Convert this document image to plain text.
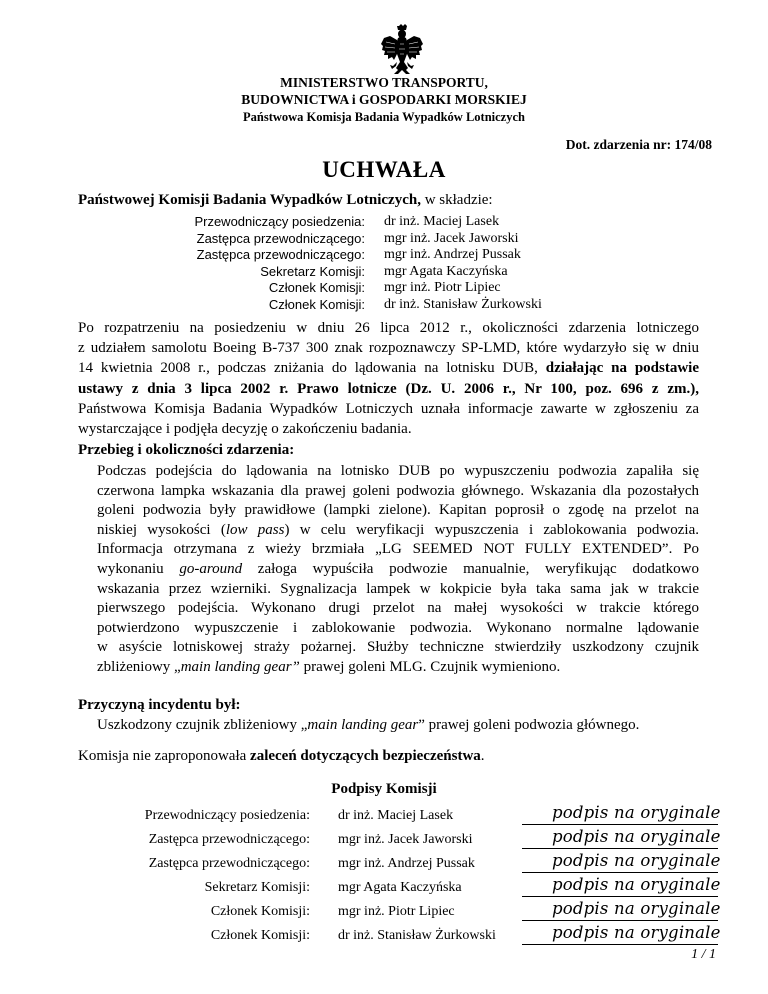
MINISTERSTWO TRANSPORTU,
BUDOWNICTWA i GOSPODARKI MORSKIEJ
Państwowa Komisja Badania Wypadków Lotniczych
Dot. zdarzenia nr: 174/08
UCHWAŁA
Państwowej Komisji Badania Wypadków Lotniczych, w składzie:
Przewodniczący posiedzenia: dr inż. Maciej Lasek
Zastępca przewodniczącego: mgr inż. Jacek Jaworski
Zastępca przewodniczącego: mgr inż. Andrzej Pussak
Sekretarz Komisji: mgr Agata Kaczyńska
Członek Komisji: mgr inż. Piotr Lipiec
Członek Komisji: dr inż. Stanisław Żurkowski
Po rozpatrzeniu na posiedzeniu w dniu 26 lipca 2012 r., okoliczności zdarzenia lotniczego
z udziałem samolotu Boeing B-737 300 znak rozpoznawczy SP-LMD, które wydarzyło się w dniu
14 kwietnia 2008 r., podczas zniżania do lądowania na lotnisku DUB, działając na podstawie
ustawy z dnia 3 lipca 2002 r. Prawo lotnicze (Dz. U. 2006 r., Nr 100, poz. 696 z zm.),
Państwowa Komisja Badania Wypadków Lotniczych uznała informacje zawarte w zgłoszeniu za
wystarczające i podjęła decyzję o zakończeniu badania.
Przebieg i okoliczności zdarzenia:
Podczas podejścia do lądowania na lotnisko DUB po wypuszczeniu podwozia zapaliła się
czerwona lampka wskazania dla prawej goleni podwozia głównego. Wskazania dla pozostałych
goleni podwozia były prawidłowe (lampki zielone). Kapitan poprosił o zgodę na przelot na
niskiej wysokości (low pass) w celu weryfikacji wypuszczenia i zablokowania podwozia.
Informacja otrzymana z wieży brzmiała „LG SEEMED NOT FULLY EXTENDED”. Po
wykonaniu go-around załoga wypuściła podwozie manualnie, weryfikując dodatkowo
wskazania przez wzierniki. Sygnalizacja lampek w kokpicie była taka sama jak w trakcie
pierwszego podejścia. Wykonano drugi przelot na małej wysokości w trakcie którego
potwierdzono wypuszczenie i zablokowanie podwozia. Wykonano normalne lądowanie
w asyście lotniskowej straży pożarnej. Służby techniczne stwierdziły uszkodzony czujnik
zbliżeniowy „main landing gear” prawej goleni MLG. Czujnik wymieniono.
Przyczyną incydentu był:
Uszkodzony czujnik zbliżeniowy „main landing gear” prawej goleni podwozia głównego.
Komisja nie zaproponowała zaleceń dotyczących bezpieczeństwa.
Podpisy Komisji
Przewodniczący posiedzenia: dr inż. Maciej Lasek	podpis na oryginale
Zastępca przewodniczącego: mgr inż. Jacek Jaworski	podpis na oryginale
Zastępca przewodniczącego: mgr inż. Andrzej Pussak	podpis na oryginale
Sekretarz Komisji: mgr Agata Kaczyńska	podpis na oryginale
Członek Komisji: mgr inż. Piotr Lipiec	podpis na oryginale
Członek Komisji: dr inż. Stanisław Żurkowski	podpis na oryginale
1 / 1
